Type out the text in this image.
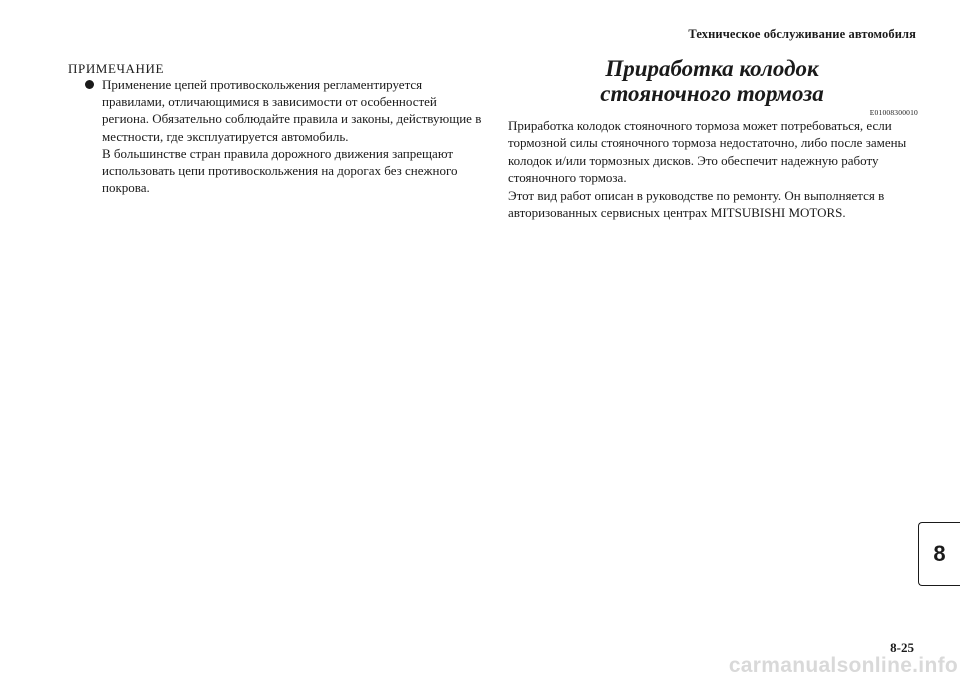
Техническое обслуживание автомобиля
ПРИМЕЧАНИЕ

Применение цепей противоскольжения регламентируется правилами, отличающимися в зависимости от особенностей региона. Обязательно соблюдайте правила и законы, действующие в местности, где эксплуатируется автомобиль.

В большинстве стран правила дорожного движения запрещают использовать цепи противоскольжения на дорогах без снежного покрова.

Приработка колодок
стояночного тормоза
E01008300010

Приработка колодок стояночного тормоза может потребоваться, если тормозной силы стояночного тормоза недостаточно, либо после замены колодок и/или тормозных дисков. Это обеспечит надежную работу стояночного тормоза.

Этот вид работ описан в руководстве по ремонту. Он выполняется в авторизованных сервисных центрах MITSUBISHI MOTORS.

8
8-25
carmanualsonline.info
